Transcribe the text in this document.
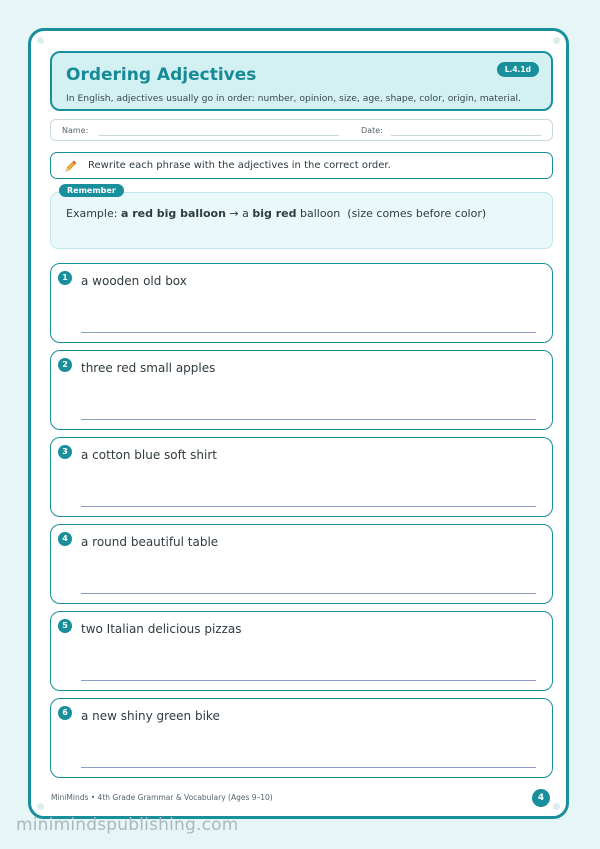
Ordering Adjectives
In English, adjectives usually go in order: number, opinion, size, age, shape, color, origin, material.
L.4.1d
Name:	Date:
Rewrite each phrase with the adjectives in the correct order.
Example: a red big balloon → a big red balloon (size comes before color)
Remember
1	a wooden old box
2	three red small apples
3	a cotton blue soft shirt
4	a round beautiful table
5	two Italian delicious pizzas
6	a new shiny green bike
MiniMinds • 4th Grade Grammar & Vocabulary (Ages 9–10)	4
minimindspublishing.com
